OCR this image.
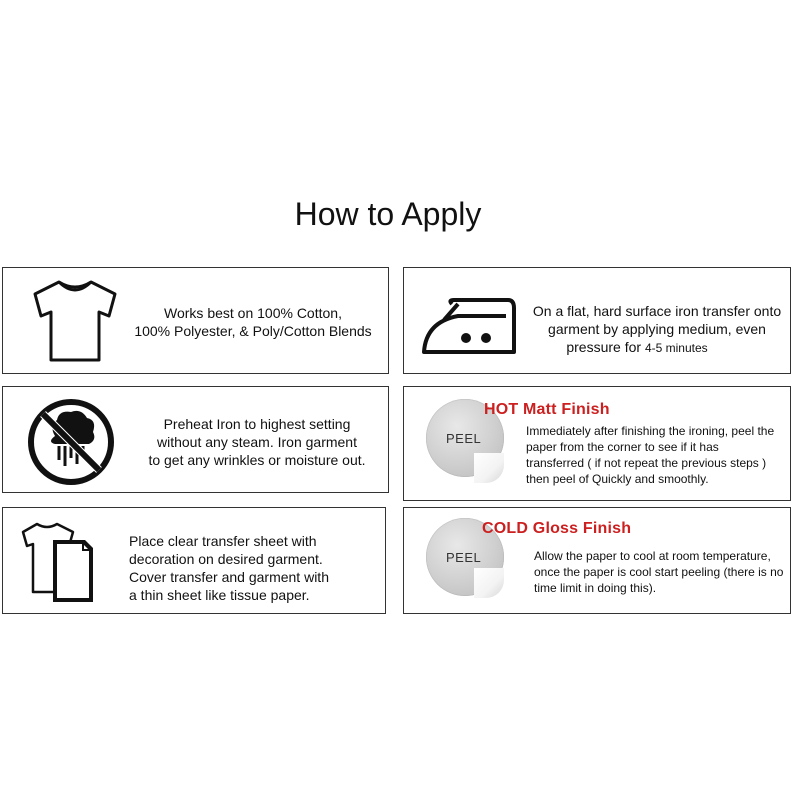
How to Apply
Works best on 100% Cotton,
100% Polyester, & Poly/Cotton Blends
On a flat, hard surface iron transfer onto
garment by applying medium, even
pressure for 4-5 minutes
Preheat Iron to highest setting
without any steam. Iron garment
to get any wrinkles or moisture out.
PEEL
HOT Matt Finish
Immediately after finishing the ironing, peel the
paper from the corner to see if it has
transferred ( if not repeat the previous steps )
then peel of Quickly and smoothly.
Place clear transfer sheet with
decoration on desired garment.
Cover transfer and garment with
a thin sheet like tissue paper.
PEEL
COLD Gloss Finish
Allow the paper to cool at room temperature,
once the paper is cool start peeling (there is no
time limit in doing this).
